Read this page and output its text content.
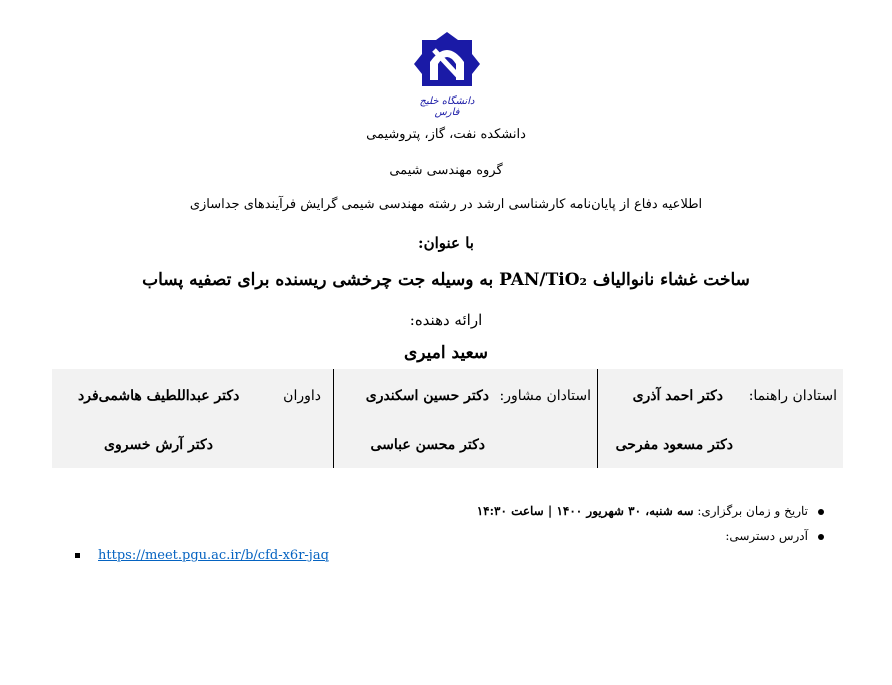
دانشگاه خلیج فارس
دانشکده نفت، گاز، پتروشیمی
گروه مهندسی شیمی
اطلاعیه دفاع از پایان‌نامه کارشناسی ارشد در رشته مهندسی شیمی گرایش فرآیندهای جداسازی
با عنوان:
ساخت غشاء نانوالیاف PAN/TiO₂ به وسیله جت چرخشی ریسنده برای تصفیه پساب
ارائه دهنده:
سعید امیری
استادان راهنما:
دکتر احمد آذری
دکتر مسعود مفرحی
استادان مشاور:
دکتر حسین اسکندری
دکتر محسن عباسی
داوران
دکتر عبداللطیف هاشمی‌فرد
دکتر آرش خسروی
تاریخ و زمان برگزاری: سه شنبه، ۳۰ شهریور ۱۴۰۰ | ساعت ۱۴:۳۰
آدرس دسترسی:
https://meet.pgu.ac.ir/b/cfd-x6r-jaq
